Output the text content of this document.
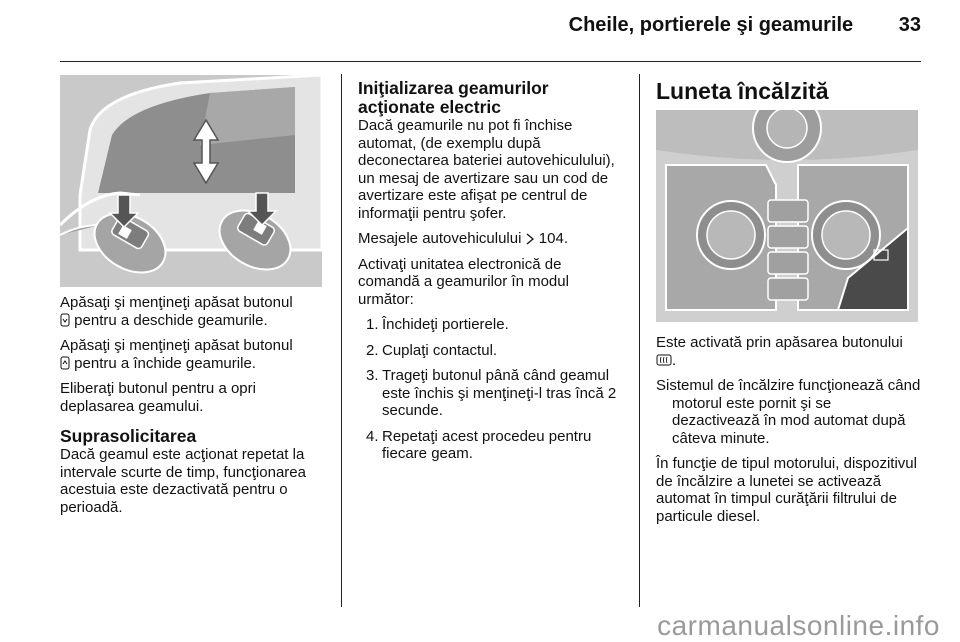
Cheile, portierele şi geamurile 33

Apăsaţi şi menţineţi apăsat butonul
pentru a deschide geamurile.

Apăsaţi şi menţineţi apăsat butonul
pentru a închide geamurile.

Eliberaţi butonul pentru a opri deplasarea geamului.

Suprasolicitarea

Dacă geamul este acţionat repetat la intervale scurte de timp, funcţionarea acestuia este dezactivată pentru o perioadă.

Iniţializarea geamurilor acţionate electric

Dacă geamurile nu pot fi închise automat, (de exemplu după deconectarea bateriei autovehiculului), un mesaj de avertizare sau un cod de avertizare este afişat pe centrul de informaţii pentru şofer.

Mesajele autovehiculului  104.

Activaţi unitatea electronică de comandă a geamurilor în modul următor:

1. Închideţi portierele.
2. Cuplaţi contactul.
3. Trageţi butonul până când geamul este închis şi menţineţi-l tras încă 2 secunde.
4. Repetaţi acest procedeu pentru fiecare geam.
Luneta încălzită

Este activată prin apăsarea butonului
.

Sistemul de încălzire funcţionează când motorul este pornit şi se dezactivează în mod automat după câteva minute.

În funcţie de tipul motorului, dispozitivul de încălzire a lunetei se activează automat în timpul curăţării filtrului de particule diesel.

carmanualsonline.info
